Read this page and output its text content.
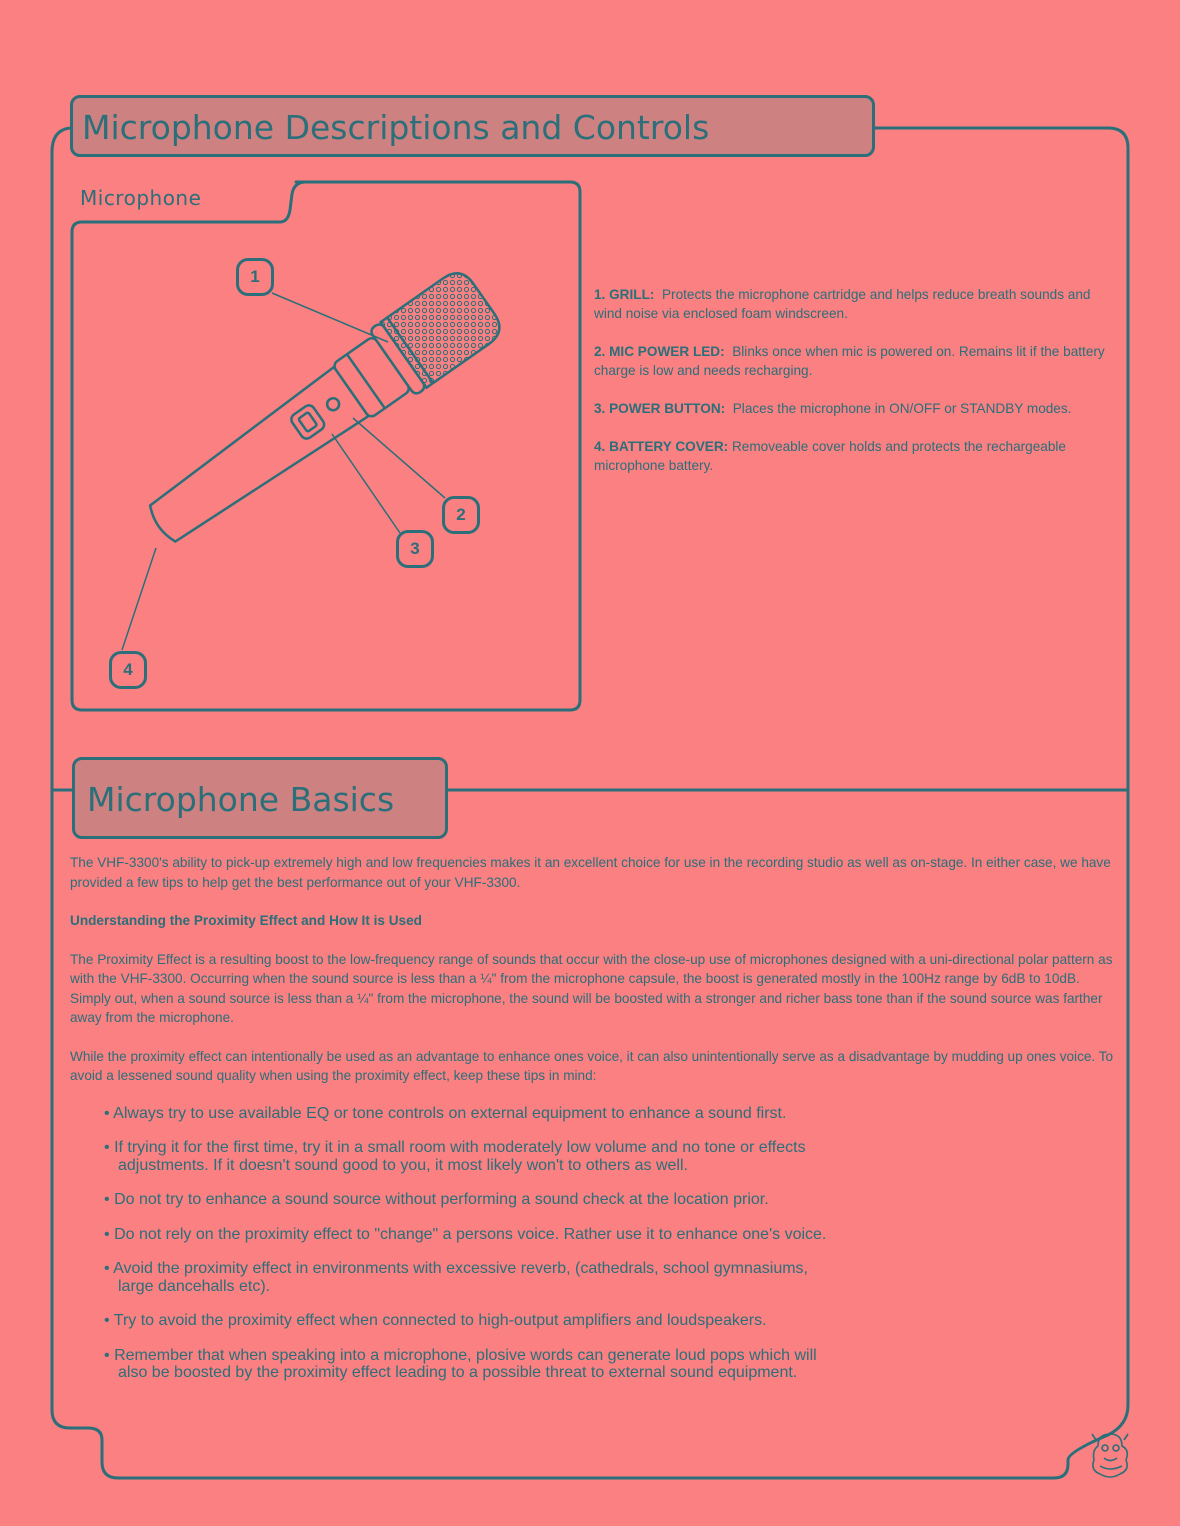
Microphone Descriptions and Controls
Microphone
1
2
3
4

1. GRILL: Protects the microphone cartridge and helps reduce breath sounds and wind noise via enclosed foam windscreen.

2. MIC POWER LED: Blinks once when mic is powered on. Remains lit if the battery charge is low and needs recharging.

3. POWER BUTTON: Places the microphone in ON/OFF or STANDBY modes.

4. BATTERY COVER: Removeable cover holds and protects the rechargeable microphone battery.

Microphone Basics

The VHF-3300's ability to pick-up extremely high and low frequencies makes it an excellent choice for use in the recording studio as well as on-stage. In either case, we have provided a few tips to help get the best performance out of your VHF-3300.

Understanding the Proximity Effect and How It is Used

The Proximity Effect is a resulting boost to the low-frequency range of sounds that occur with the close-up use of microphones designed with a uni-directional polar pattern as with the VHF-3300. Occurring when the sound source is less than a ¼" from the microphone capsule, the boost is generated mostly in the 100Hz range by 6dB to 10dB. Simply out, when a sound source is less than a ¼" from the microphone, the sound will be boosted with a stronger and richer bass tone than if the sound source was farther away from the microphone.

While the proximity effect can intentionally be used as an advantage to enhance ones voice, it can also unintentionally serve as a disadvantage by mudding up ones voice. To avoid a lessened sound quality when using the proximity effect, keep these tips in mind:

• Always try to use available EQ or tone controls on external equipment to enhance a sound first.
• If trying it for the first time, try it in a small room with moderately low volume and no tone or effects adjustments. If it doesn't sound good to you, it most likely won't to others as well.
• Do not try to enhance a sound source without performing a sound check at the location prior.
• Do not rely on the proximity effect to "change" a persons voice. Rather use it to enhance one's voice.
• Avoid the proximity effect in environments with excessive reverb, (cathedrals, school gymnasiums, large dancehalls etc).
• Try to avoid the proximity effect when connected to high-output amplifiers and loudspeakers.
• Remember that when speaking into a microphone, plosive words can generate loud pops which will also be boosted by the proximity effect leading to a possible threat to external sound equipment.
